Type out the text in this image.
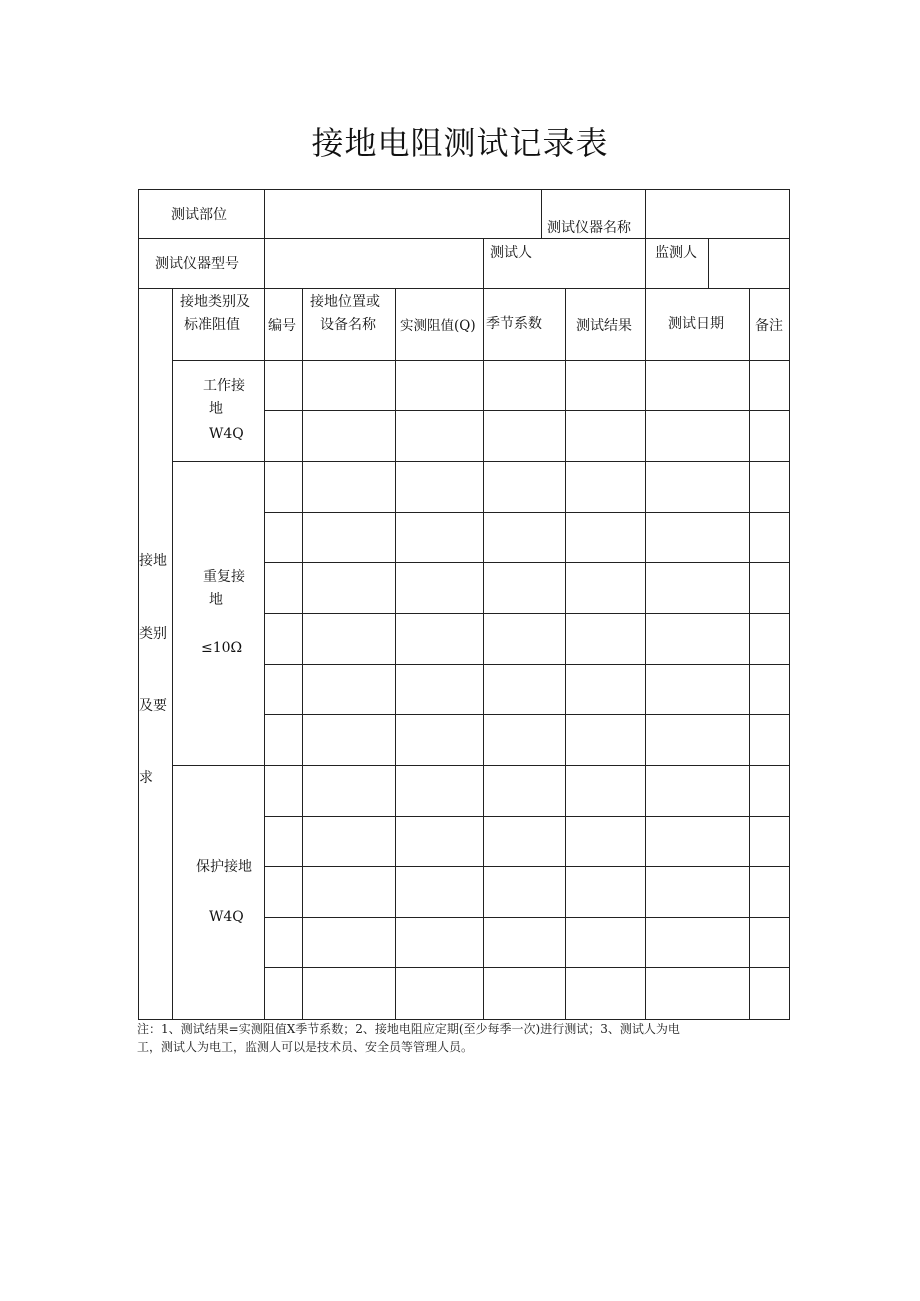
接地电阻测试记录表
测试部位
测试仪器名称
测试仪器型号
测试人	监测人
接地类别及
标准阻值 编号
接地位置或
设备名称 实测阻值(Q) 季节系数 测试结果	测试日期 备注
接地
类别
及要
求
工作接
地
W4Q
重复接
地
≤10Ω
保护接地
W4Q
注：1、测试结果=实测阻值X季节系数；2、接地电阻应定期(至少每季一次)进行测试；3、测试人为电
工，测试人为电工，监测人可以是技术员、安全员等管理人员。
